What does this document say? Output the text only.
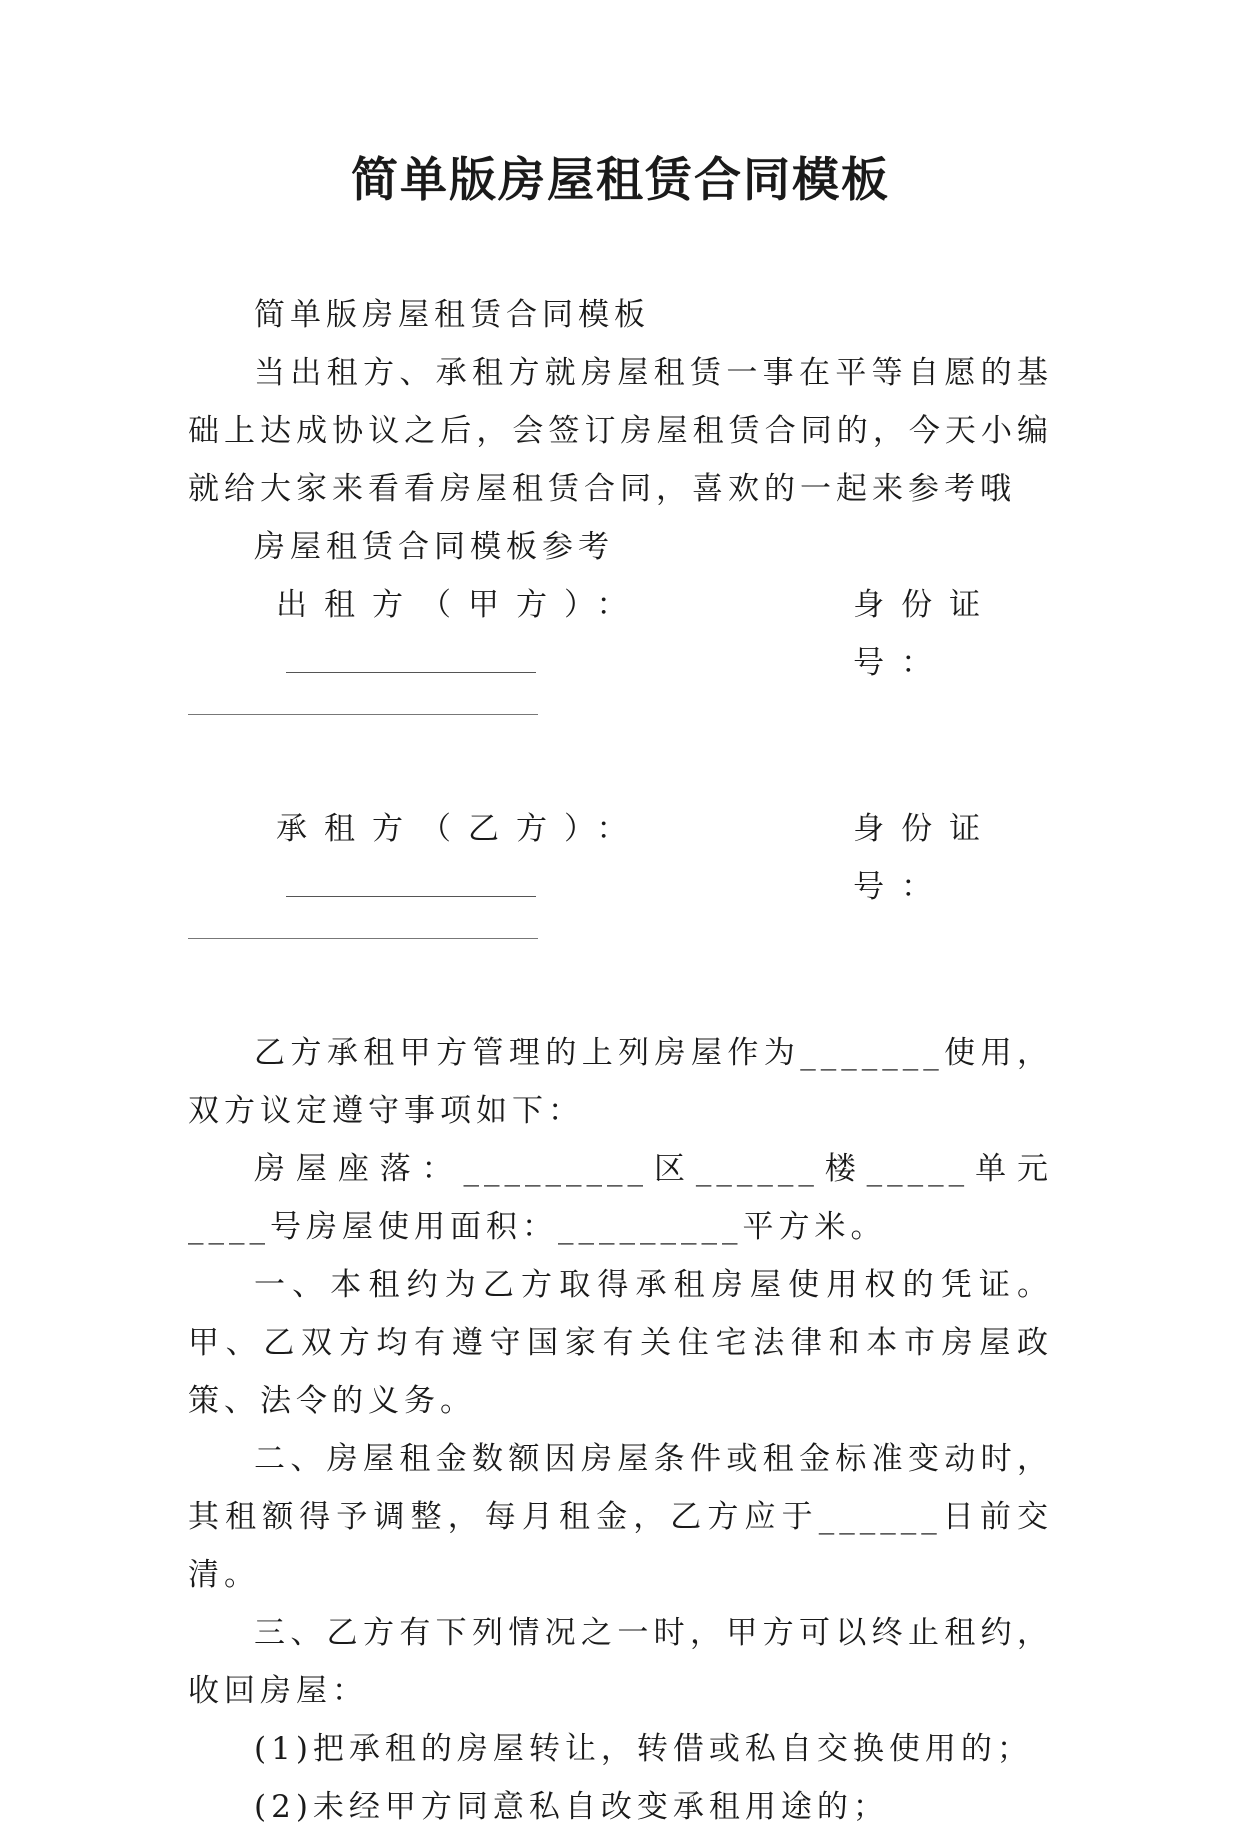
简单版房屋租赁合同模板

简单版房屋租赁合同模板

当出租方、承租方就房屋租赁一事在平等自愿的基础上达成协议之后，会签订房屋租赁合同的，今天小编就给大家来看看房屋租赁合同，喜欢的一起来参考哦

房屋租赁合同模板参考

出租方（甲方）：	身份证号：
承租方（乙方）：	身份证号：

乙方承租甲方管理的上列房屋作为_______使用，双方议定遵守事项如下：

房屋座落：_________区______楼_____单元____号房屋使用面积：_________平方米。

一、本租约为乙方取得承租房屋使用权的凭证。甲、乙双方均有遵守国家有关住宅法律和本市房屋政策、法令的义务。

二、房屋租金数额因房屋条件或租金标准变动时，其租额得予调整，每月租金，乙方应于______日前交清。

三、乙方有下列情况之一时，甲方可以终止租约，收回房屋：

(1)把承租的房屋转让，转借或私自交换使用的；

(2)未经甲方同意私自改变承租用途的；
